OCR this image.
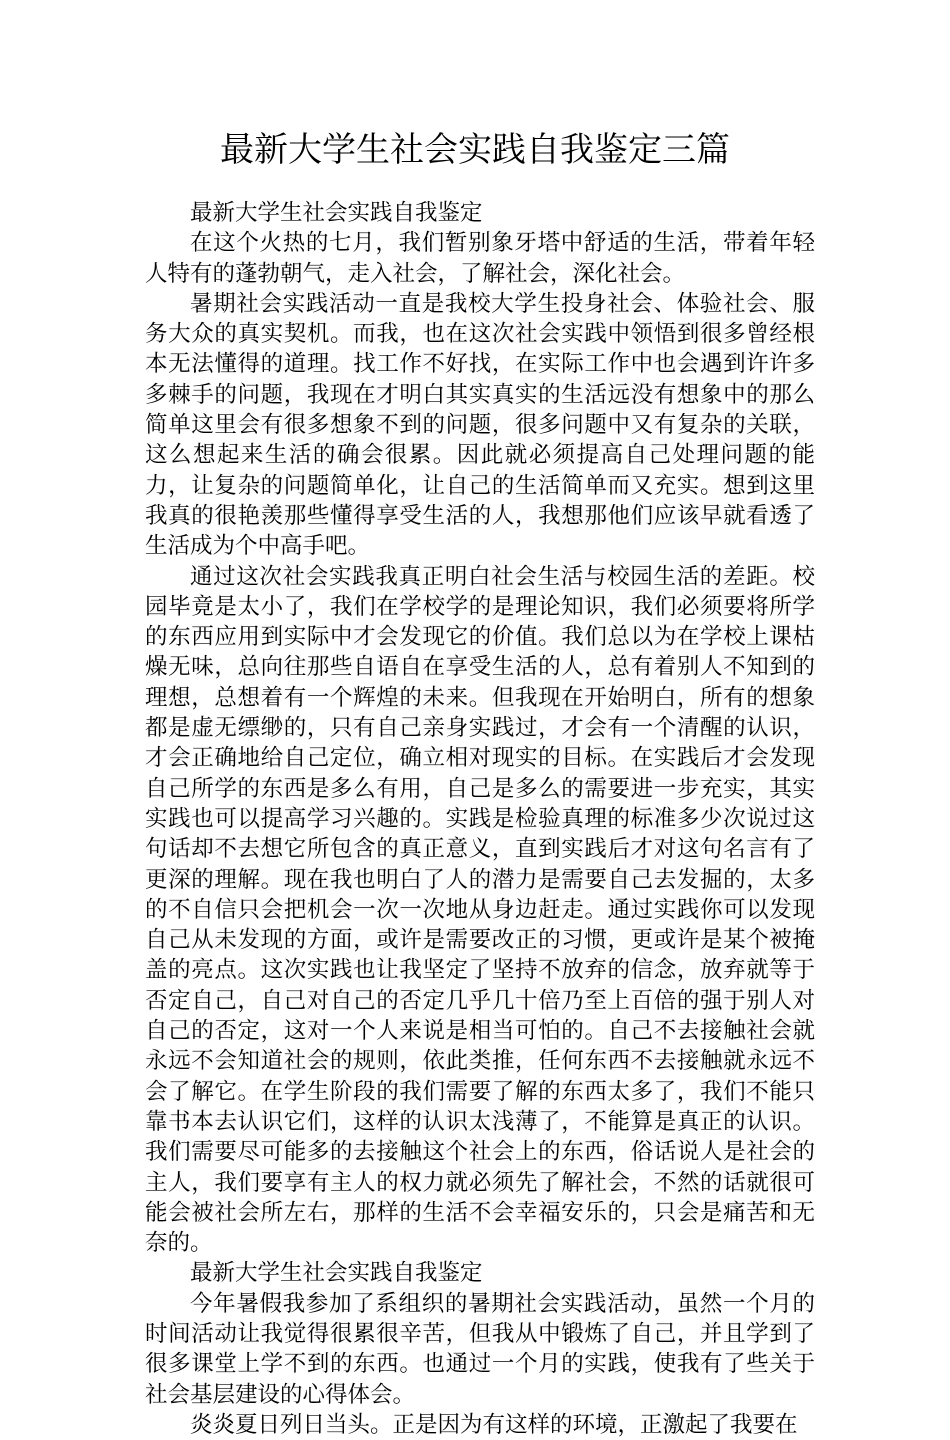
最新大学生社会实践自我鉴定三篇

最新大学生社会实践自我鉴定

在这个火热的七月，我们暂别象牙塔中舒适的生活，带着年轻人特有的蓬勃朝气，走入社会，了解社会，深化社会。

暑期社会实践活动一直是我校大学生投身社会、体验社会、服务大众的真实契机。而我，也在这次社会实践中领悟到很多曾经根本无法懂得的道理。找工作不好找，在实际工作中也会遇到许许多多棘手的问题，我现在才明白其实真实的生活远没有想象中的那么简单这里会有很多想象不到的问题，很多问题中又有复杂的关联，这么想起来生活的确会很累。因此就必须提高自己处理问题的能力，让复杂的问题简单化，让自己的生活简单而又充实。想到这里我真的很艳羡那些懂得享受生活的人，我想那他们应该早就看透了生活成为个中高手吧。

通过这次社会实践我真正明白社会生活与校园生活的差距。校园毕竟是太小了，我们在学校学的是理论知识，我们必须要将所学的东西应用到实际中才会发现它的价值。我们总以为在学校上课枯燥无味，总向往那些自语自在享受生活的人，总有着别人不知到的理想，总想着有一个辉煌的未来。但我现在开始明白，所有的想象都是虚无缥缈的，只有自己亲身实践过，才会有一个清醒的认识，才会正确地给自己定位，确立相对现实的目标。在实践后才会发现自己所学的东西是多么有用，自己是多么的需要进一步充实，其实实践也可以提高学习兴趣的。实践是检验真理的标准多少次说过这句话却不去想它所包含的真正意义，直到实践后才对这句名言有了更深的理解。现在我也明白了人的潜力是需要自己去发掘的，太多的不自信只会把机会一次一次地从身边赶走。通过实践你可以发现自己从未发现的方面，或许是需要改正的习惯，更或许是某个被掩盖的亮点。这次实践也让我坚定了坚持不放弃的信念，放弃就等于否定自己，自己对自己的否定几乎几十倍乃至上百倍的强于别人对自己的否定，这对一个人来说是相当可怕的。自己不去接触社会就永远不会知道社会的规则，依此类推，任何东西不去接触就永远不会了解它。在学生阶段的我们需要了解的东西太多了，我们不能只靠书本去认识它们，这样的认识太浅薄了，不能算是真正的认识。我们需要尽可能多的去接触这个社会上的东西，俗话说人是社会的主人，我们要享有主人的权力就必须先了解社会，不然的话就很可能会被社会所左右，那样的生活不会幸福安乐的，只会是痛苦和无奈的。

最新大学生社会实践自我鉴定

今年暑假我参加了系组织的暑期社会实践活动，虽然一个月的时间活动让我觉得很累很辛苦，但我从中锻炼了自己，并且学到了很多课堂上学不到的东西。也通过一个月的实践，使我有了些关于社会基层建设的心得体会。

炎炎夏日列日当头。正是因为有这样的环境，正激起了我要在
